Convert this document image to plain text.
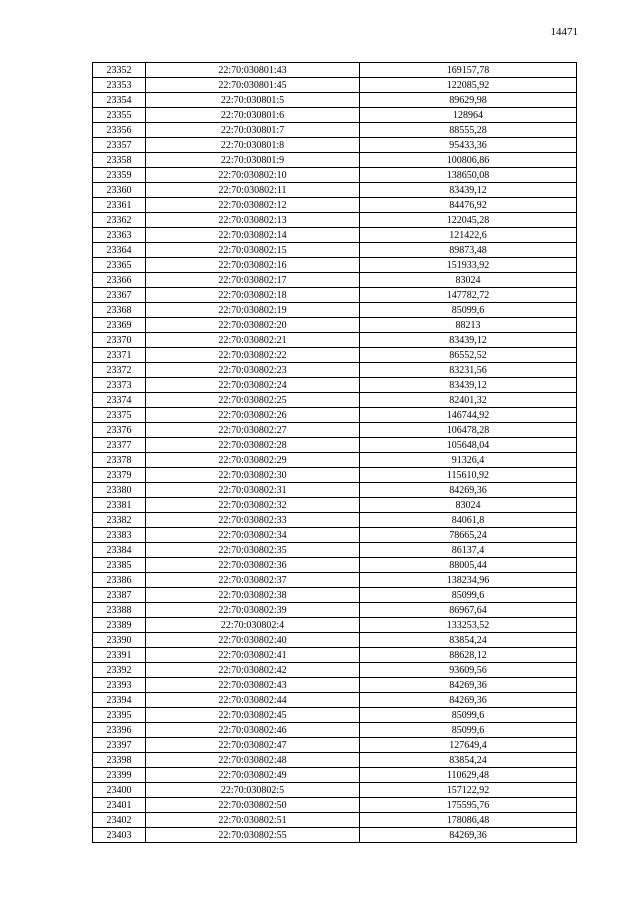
14471
23352	22:70:030801:43	169157,78
23353	22:70:030801:45	122085,92
23354	22:70:030801:5	89629,98
23355	22:70:030801:6	128964
23356	22:70:030801:7	88555,28
23357	22:70:030801:8	95433,36
23358	22:70:030801:9	100806,86
23359	22:70:030802:10	138650,08
23360	22:70:030802:11	83439,12
23361	22:70:030802:12	84476,92
23362	22:70:030802:13	122045,28
23363	22:70:030802:14	121422,6
23364	22:70:030802:15	89873,48
23365	22:70:030802:16	151933,92
23366	22:70:030802:17	83024
23367	22:70:030802:18	147782,72
23368	22:70:030802:19	85099,6
23369	22:70:030802:20	88213
23370	22:70:030802:21	83439,12
23371	22:70:030802:22	86552,52
23372	22:70:030802:23	83231,56
23373	22:70:030802:24	83439,12
23374	22:70:030802:25	82401,32
23375	22:70:030802:26	146744,92
23376	22:70:030802:27	106478,28
23377	22:70:030802:28	105648,04
23378	22:70:030802:29	91326,4
23379	22:70:030802:30	115610,92
23380	22:70:030802:31	84269,36
23381	22:70:030802:32	83024
23382	22:70:030802:33	84061,8
23383	22:70:030802:34	78665,24
23384	22:70:030802:35	86137,4
23385	22:70:030802:36	88005,44
23386	22:70:030802:37	138234,96
23387	22:70:030802:38	85099,6
23388	22:70:030802:39	86967,64
23389	22:70:030802:4	133253,52
23390	22:70:030802:40	83854,24
23391	22:70:030802:41	88628,12
23392	22:70:030802:42	93609,56
23393	22:70:030802:43	84269,36
23394	22:70:030802:44	84269,36
23395	22:70:030802:45	85099,6
23396	22:70:030802:46	85099,6
23397	22:70:030802:47	127649,4
23398	22:70:030802:48	83854,24
23399	22:70:030802:49	110629,48
23400	22:70:030802:5	157122,92
23401	22:70:030802:50	175595,76
23402	22:70:030802:51	178086,48
23403	22:70:030802:55	84269,36
